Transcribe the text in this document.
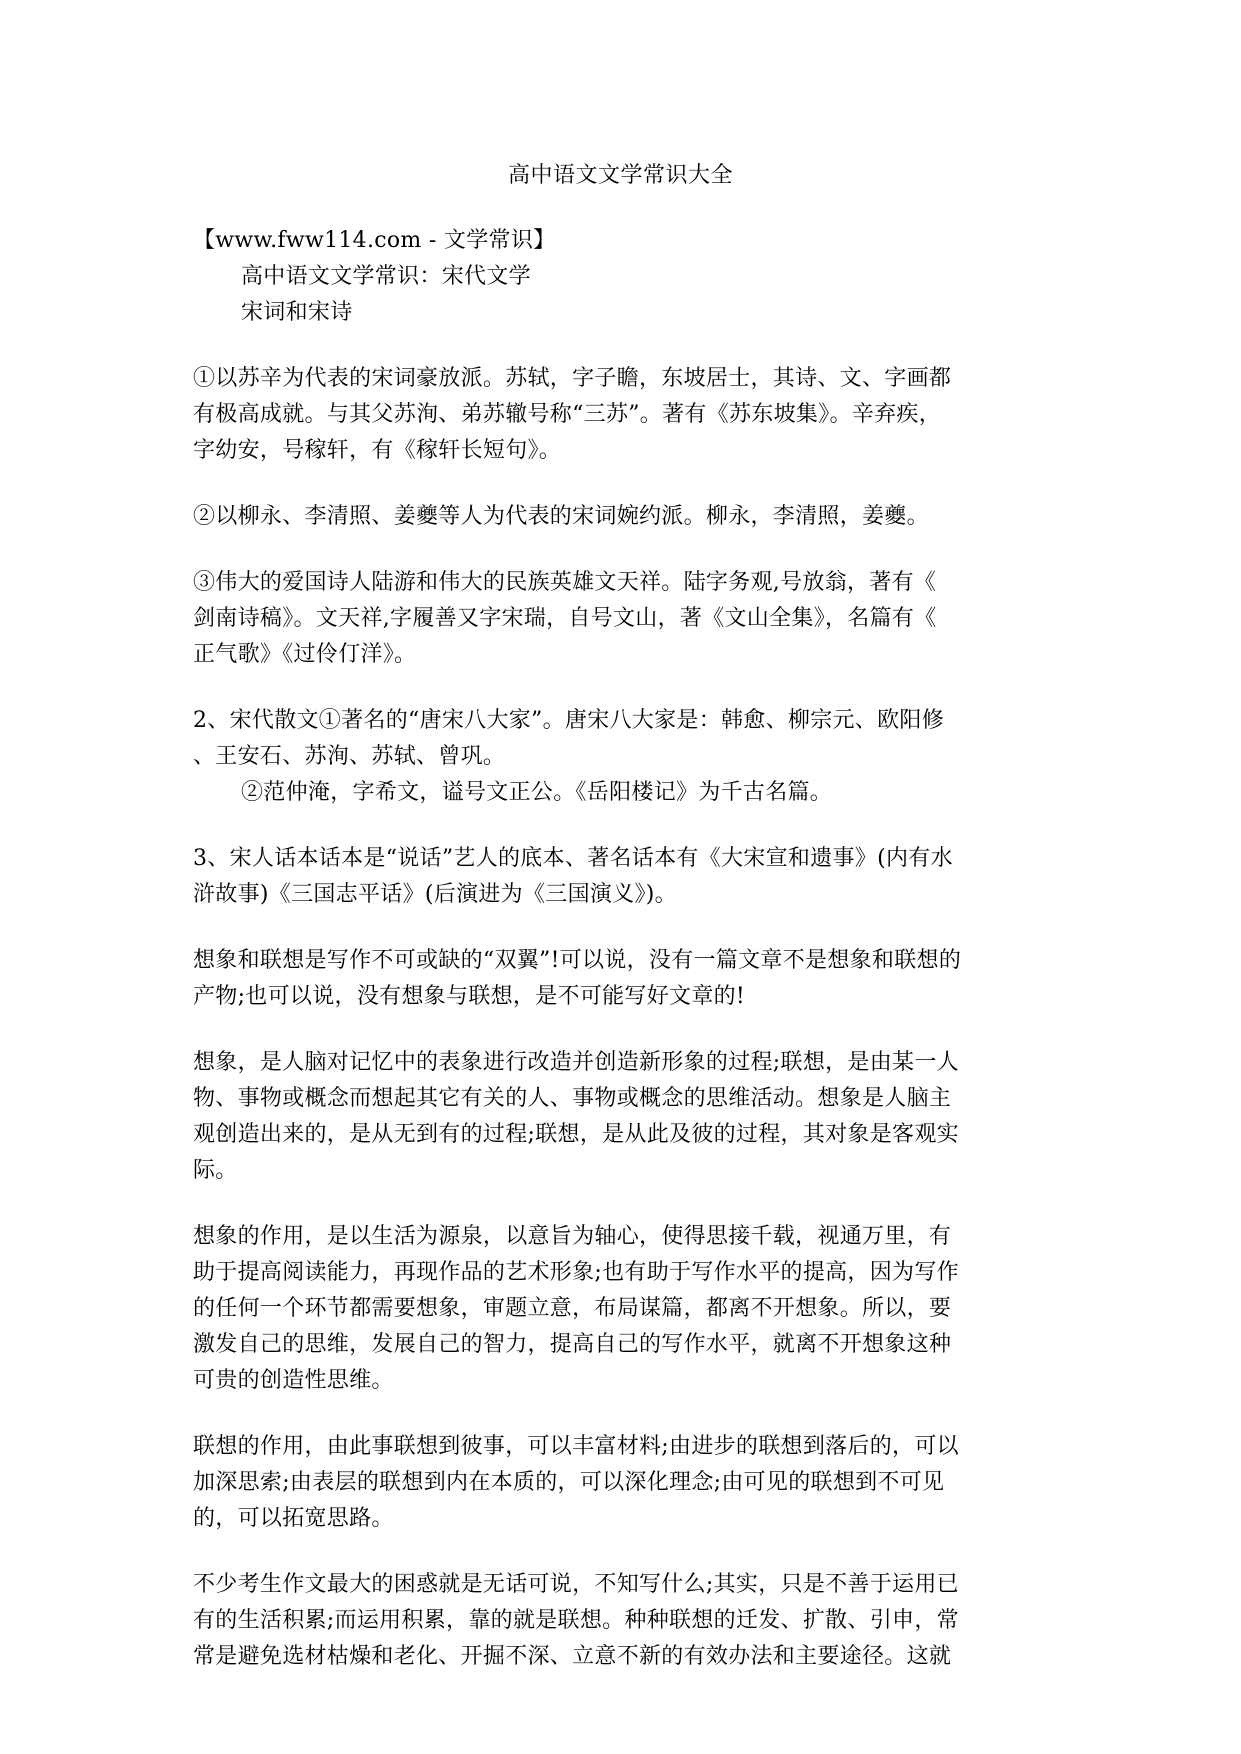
高中语文文学常识大全
【www.fww114.com - 文学常识】
高中语文文学常识：宋代文学
宋词和宋诗
①以苏辛为代表的宋词豪放派。苏轼，字子瞻，东坡居士，其诗、文、字画都
有极高成就。与其父苏洵、弟苏辙号称“三苏”。著有《苏东坡集》。辛弃疾，
字幼安，号稼轩，有《稼轩长短句》。
②以柳永、李清照、姜夔等人为代表的宋词婉约派。柳永，李清照，姜夔。
③伟大的爱国诗人陆游和伟大的民族英雄文天祥。陆字务观,号放翁，著有《
剑南诗稿》。文天祥,字履善又字宋瑞，自号文山，著《文山全集》，名篇有《
正气歌》《过伶仃洋》。
2、宋代散文①著名的“唐宋八大家”。唐宋八大家是：韩愈、柳宗元、欧阳修
、王安石、苏洵、苏轼、曾巩。
②范仲淹，字希文，谥号文正公。《岳阳楼记》为千古名篇。
3、宋人话本话本是“说话”艺人的底本、著名话本有《大宋宣和遗事》(内有水
浒故事)《三国志平话》(后演进为《三国演义》)。
想象和联想是写作不可或缺的“双翼”!可以说，没有一篇文章不是想象和联想的
产物;也可以说，没有想象与联想，是不可能写好文章的!
想象，是人脑对记忆中的表象进行改造并创造新形象的过程;联想，是由某一人
物、事物或概念而想起其它有关的人、事物或概念的思维活动。想象是人脑主
观创造出来的，是从无到有的过程;联想，是从此及彼的过程，其对象是客观实
际。
想象的作用，是以生活为源泉，以意旨为轴心，使得思接千载，视通万里，有
助于提高阅读能力，再现作品的艺术形象;也有助于写作水平的提高，因为写作
的任何一个环节都需要想象，审题立意，布局谋篇，都离不开想象。所以，要
激发自己的思维，发展自己的智力，提高自己的写作水平，就离不开想象这种
可贵的创造性思维。
联想的作用，由此事联想到彼事，可以丰富材料;由进步的联想到落后的，可以
加深思索;由表层的联想到内在本质的，可以深化理念;由可见的联想到不可见
的，可以拓宽思路。
不少考生作文最大的困惑就是无话可说，不知写什么;其实，只是不善于运用已
有的生活积累;而运用积累，靠的就是联想。种种联想的迁发、扩散、引申，常
常是避免选材枯燥和老化、开掘不深、立意不新的有效办法和主要途径。这就
